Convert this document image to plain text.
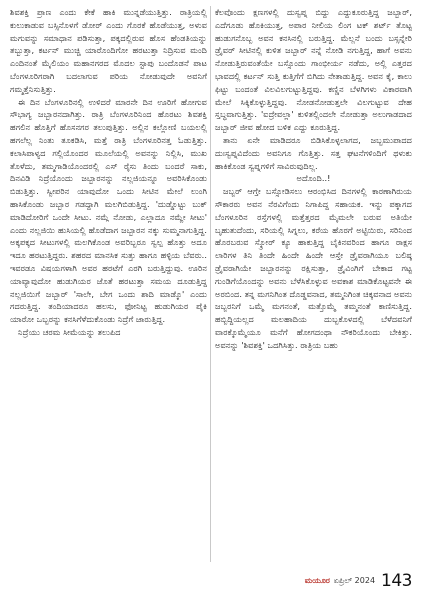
ಶಿವಶಕ್ತಿ ಪ್ರಾಣ ಎಂದು ಕೇಕೆ ಹಾಕಿ ಮುನ್ನಡೆಯುತ್ತಿತ್ತು. ರಾತ್ರಿಯಲ್ಲಿ ಕುಲುಕಾಡುವ ಬಸ್ಸಿನೊಳಗೆ ಡೋರ್ ಎಂದು ಗೊರಕೆ ಹೊಡೆಯುತ್ತ, ಅಳುವ ಮಗುವನ್ನು ಸಮಾಧಾನ ಪಡಿಸುತ್ತಾ, ಪಕ್ಕದಲ್ಲಿರುವ ಹೊಸ ಹೆಂಡತಿಯನ್ನು ತಬ್ಬುತ್ತಾ, ಕರ್ಟನ್ ಮುಚ್ಚಿ ಯಾರೊಂದಿಗೋ ಹರಟುತ್ತಾ ನಿದ್ರಿಸುವ ಮಂದಿ ಎಂದಿನಂತೆ ಮೈಲಿಯಂ ಮಹಾನಗರದ ಮೊದಲ ಸ್ಟಾಪು ಬಂದೊಡನೆ ಪಾಟ ಬೆಂಗಳೂರಿಗರಾಗಿ ಬದಲಾಗುವ ಪರಿಯ ನೋಡುವುದೇ ಅವನಿಗೆ ಗಮ್ಮತ್ತೆನಿಸುತ್ತಿತ್ತು.

ಈ ದಿನ ಬೆಂಗಳೂರಿನಲ್ಲಿ ಉಳಿದರೆ ಮಾರನೇ ದಿನ ಊರಿಗೆ ಹೋಗುವ ಸೌಭಾಗ್ಯ ಜಬ್ಬಾರನದಾಗಿತ್ತು. ರಾತ್ರಿ ಬೆಂಗಳೂರಿನಿಂದ ಹೊರಟು ಶಿವಶಕ್ತಿ ಹಗಲಿನ ಹೊತ್ತಿಗೆ ಹೊಸನಗರ ತಲುಪುತ್ತಿತ್ತು. ಅಲ್ಲಿನ ಕಲ್ಲೋಣಿ ಬಯಲಲ್ಲಿ ಹಗಲೆಲ್ಲ ನಿಂತು ತೂಕಡಿಸಿ, ಮತ್ತೆ ರಾತ್ರಿ ಬೆಂಗಳೂರಿನತ್ತ ಓಡುತ್ತಿತ್ತು. ಕಲಾಸಿಪಾಳ್ಯದ ಗಲ್ಲಿಯೊಂದರ ಮೂಲೆಯಲ್ಲಿ ಅವನನ್ನು ನಿಲ್ಲಿಸಿ, ಮುಖ ತೊಳೆದು, ತಮ್ಮಗಾಡಿಯೊಂದರಲ್ಲಿ ಎಸ್ ರೈಸು ತಿಂದು ಬಂದರೆ ಸಾಕು, ದಿನವಿಡಿ ನಿದ್ರೆಯೊಂದು ಜಬ್ಬಾರನನ್ನು ನಲ್ಲಜಿಯನ್ನೂ ಅವರಿಸಿಕೊಂಡು ಬಿಡುತ್ತಿತ್ತು. ಸ್ವೀಪರಿನ ಯಾವುದೋ ಒಂದು ಸೀಟಿನ ಮೇಲೆ ಲುಂಗಿ ಹಾಸಿಕೊಂಡು ಜಬ್ಬಾರ ಗಡದ್ದಾಗಿ ಮಲಗಿಬಿಡುತ್ತಿದ್ದ. 'ದುಡ್ಡೊಟ್ಟು ಬುಕ್ ಮಾಡಿದೋರಿಗೆ ಒಂದೇ ಸೀಟು. ನಮ್ಗೆ ನೋಡು, ಎಲ್ಲಾದೂ ನಮ್ದೇ ಸೀಟು' ಎಂದು ನಲ್ಲಜಿಯಿ ಹುಸಿಯಲ್ಲಿ ಹೊಡೆದಾಗ ಜಬ್ಬಾರನ ನಕ್ಕು ಸುಮ್ಮನಾಗುತ್ತಿದ್ದ. ಅಕ್ಕಪಕ್ಕದ ಸೀಟುಗಳಲ್ಲಿ ಮಲಗಿಕೊಂಡ ಅವರಿಬ್ಬರೂ ಸ್ವಲ್ಪ ಹೊತ್ತು ಅದೂ ಇದೂ ಹರಟುತ್ತಿದ್ದರು. ಶಹರದ ಮಾನಸಿಕ ಸುತ್ತು ಹಾಗೂ ಹಳ್ಳಿಯ ಬೆವರು.. ಇವರಡೂ ವಿಷಯಗಳಾಗಿ ಅವರ ಹರಟೆಗೆ ಎರಗಿ ಬರುತ್ತಿದ್ದುವು. ಊರಿನ ಯಾವ್ಯಾವುದೋ ಹುಡುಗಿಯರ ಜೊತೆ ಹರಟುತ್ತಾ ಸಮಯ ದೂಡುತ್ತಿದ್ದ ನಲ್ಲಜಿಯಿಗೆ ಜಬ್ಬಾರ್ 'ಸಾಲೇ, ಬೇಗ ಒಂದು ಶಾದಿ ಮಾಡ್ಕೊ' ಎಂದು ಗದರುತ್ತಿದ್ದ. ತಂದಿಯಾದರೂ ಹಲಸು, ಫೋನಿಟ್ಟ ಹುಡುಗಿಯರ ಪೈಕಿ ಯಾರೋ ಒಬ್ಬರನ್ನು ಕನಸಿಗೆಳೆದುಕೊಂಡು ನಿದ್ರೆಗೆ ಜಾರುತ್ತಿದ್ದ.

ನಿದ್ರೆಯು ಚರಮ ಸೀಮೆಯನ್ನು ತಲುಪಿದ

ಕೆಲವೊಂದು ಕ್ಷಣಗಳಲ್ಲಿ ದುಸ್ವಪ್ನ ಬಿದ್ದು ಎದ್ದುಕೂರುತ್ತಿದ್ದ ಜಬ್ಬಾರ್, ಎದೆಗೂಡು ಹೊಕಿಯುತ್ತ, ಅಪಾರ ನೀಲಿಯ ಲಿಂಗ ಟಕ್ ಶರ್ಟ್ ತೊಟ್ಟ ಹುಡುಗನೊಬ್ಬ ಅವನ ಕನಸಿನಲ್ಲಿ ಬರುತ್ತಿದ್ದ. ಮೆಲ್ಲನೆ ಬಂದು ಬಸ್ಸನ್ನೇರಿ ಡ್ರೈವರ್ ಸೀಟಿನಲ್ಲಿ ಕುಳಿತ ಜಬ್ಬಾರ್ ನನ್ನೆ ನೋಡಿ ನಗುತ್ತಿದ್ದ, ಹಾಗೆ ಅವನು ನೋಡುತ್ತಿರುವಂತೆಯೇ ಬಸ್ಸೊಂದು ಗಾಂಭೀರ್ಯ ನಡೆದು, ಅಲ್ಲಿ ಎತ್ತರದ ಭಾವದಲ್ಲಿ ಕರ್ಟನ್ ಸುತ್ತಿ ಕುತ್ತಿಗೆಗೆ ಬಿಗಿದು ನೇತಾಡುತ್ತಿದ್ದ. ಅವನ ಕೈ, ಕಾಲು ಫಿಟ್ಟು ಬಂದಂತೆ ವಿಲವಿಲಗುಟ್ಟುತ್ತಿದ್ದವು. ಕಣ್ಣಿನ ಬೆಳಗಿಗಳು ವಿಕಾರವಾಗಿ ಮೇಲೆ ಸಿಕ್ಕಿಕೊಳ್ಳುತ್ತಿದ್ದವು. ನೋಡನೋಡುತ್ತಲೇ ವಿಲಗುಟ್ಟುವ ದೇಹ ಸ್ತಬ್ಧವಾಗುತ್ತಿತ್ತು. 'ಐದ್ರೇವಲ್ಲಾ' ಕುಳಿತಲ್ಲಿಂದಲೇ ನೋಡುತ್ತಾ ಅಲುಗಾಡದಾದ ಜಬ್ಬಾರ್ ಜೀವ ಹೋದ ಬಳಿಕ ಎದ್ದು ಕೂರುತ್ತಿದ್ದ.

ತಾನು ಏನೇ ಮಾಡಿದರೂ ಬಿಡಿಸಿಕೊಳ್ಳಲಾಗದ, ಜಬ್ಬಮುಪಾದದ ದುಃಸ್ವಪ್ನವಿದೆಂದು ಅವನಿಗೂ ಗೊತ್ತಿತ್ತು. ಸತ್ತ ಘಟನೆಗಳಿಂದಿಗೆ ಥಳುಕು ಹಾಕಿಕೊಂಡ ಸ್ವಪ್ನಗಳಿಗೆ ಸಾವಿರುವುದಿಲ್ಲ.

ಅದೊಂದಿ..!

ಜಬ್ಬರ್ ಆಗ್ತೇ ಬಸ್ಸೋಡಿಸಲು ಆರಂಭಿಸಿದ ದಿನಗಳಲ್ಲಿ ಕಾರಣಾಗಿರುಯ ಸೌಕಾರರು ಅವನ ನೆರವಿಗೆಂದು ನಿಗಾಪಿದ್ದ ಸಹಾಯಕ. ಇನ್ನು ಪಕ್ಕಾಗದ ಬೆಂಗಳೂರಿನ ರಸ್ತೆಗಳಲ್ಲಿ ಮತ್ತೆತ್ತರದ ಮೈಮಲೇ ಬರುವ ಅತಿಯೇ ಬೃಹುತುದೆಂದು, ಸರಿಯಲ್ಲಿ ಸಿಗ್ನಲು, ಕರೆಯ ಹೊರಗೆ ಅಟ್ಟಿಯಿರು, ಸರಿನಿಂದ ಹೊರಬರುವ ಸ್ಕ್ರೋರ್ ಕ್ಯೂ ಹಾಕುತ್ತಿದ್ದ ಬೈಕಿನವರಿಂದ ಹಾಗೂ ರಾಕ್ಷಸ ಲಾರಿಗಳ ತಿನಿ ತಿಂದೇ ಹಿಂದೇ ಹಿಂದೇ ಆಸ್ತೇ ಡ್ರೈವರಾಗಿಯೂ ಬಲಿಷ್ಠ ಡ್ರೈವರಾಗಿಯೇ ಜಬ್ಬಾರನನ್ನು ರಕ್ಷಿಸುತ್ತಾ, ಡ್ರೈವಿಂಗಿಗೆ ಬೇಕಾದ ಗಟ್ಟ ಗುಂಡಿಗೆಯೊಂದನ್ನು ಅವನು ಬೆಳೆಸಿಕೊಳ್ಳುವ ಅವಕಾಶ ಮಾಡಿಕೊಟ್ಟವನೇ ಈ ಅರಬಿಂದ. ತನ್ನ ಮಗನಿಗಿಂತ ದೊಡ್ಡವನಾದ, ತಮ್ಮನಿಗಿಂತ ಚಿಕ್ಕವನಾದ ಅವನು ಜಬ್ಬರನಿಗೆ ಒಮ್ಮೆ ಮಗನಂತೆ, ಮತ್ತೊಮ್ಮೆ ತಮ್ಮನಂತೆ ಕಾಣಿಸುತ್ತಿದ್ದ. ಹಬ್ಬಿದ್ದಿಯಲ್ಲದ ಮಲಹಾದಿಯ ದುಬ್ಬಕೊಳದಲ್ಲಿ ಬೆಳೆದವನಿಗೆ ವಾರಕ್ಕೊಮ್ಮೆಯೂ ಮನೆಗೆ ಹೋಗದಂಥಾ ನೌಕರಿಯೊಂದು ಬೇಕಿತ್ತು. ಅವನನ್ನು 'ಶಿವಶಕ್ತಿ' ಒದಗಿಸಿತ್ತು. ರಾತ್ರಿಯ ಬಹು

ಮಯೂರ ಏಪ್ರಿಲ್ 2024 143
